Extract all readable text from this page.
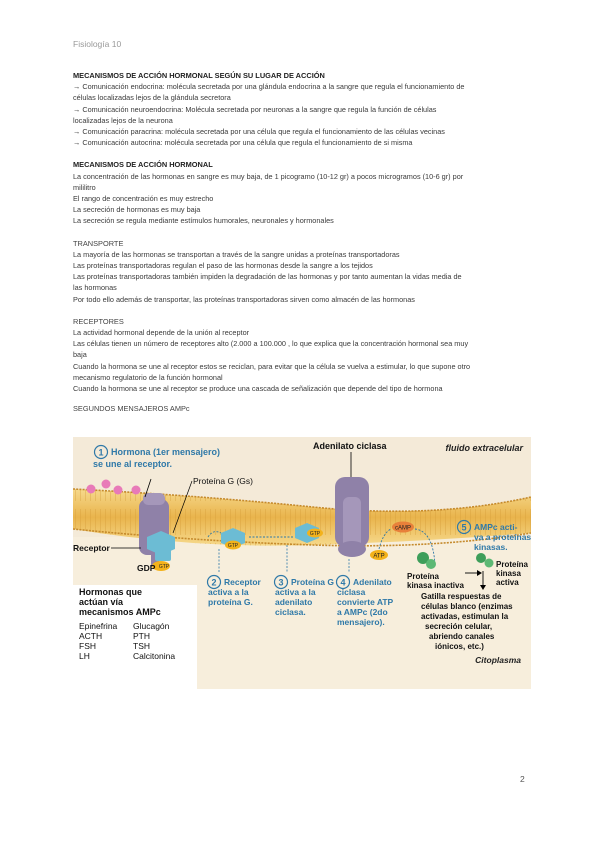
Fisiología 10

MECANISMOS DE ACCIÓN HORMONAL SEGÚN SU LUGAR DE ACCIÓN

→ Comunicación endocrina: molécula secretada por una glándula endocrina a la sangre que regula el funcionamiento de

células localizadas lejos de la glándula secretora

→ Comunicación neuroendocrina: Molécula secretada por neuronas a la sangre que regula la función de células

localizadas lejos de la neurona

→ Comunicación paracrina: molécula secretada por una célula que regula el funcionamiento de las células vecinas

→ Comunicación autocrina: molécula secretada por una célula que regula el funcionamiento de si misma

MECANISMOS DE ACCIÓN HORMONAL

La concentración de las hormonas en sangre es muy baja, de 1 picogramo (10-12 gr) a pocos microgramos (10-6 gr) por

mililitro

El rango de concentración es muy estrecho

La secreción de hormonas es muy baja

La secreción se regula mediante estímulos humorales, neuronales y hormonales

TRANSPORTE

La mayoría de las hormonas se transportan a través de la sangre unidas a proteínas transportadoras

Las proteínas transportadoras regulan el paso de las hormonas desde la sangre a los tejidos

Las proteínas transportadoras también impiden la degradación de las hormonas y por tanto aumentan la vidas media de

las hormonas

Por todo ello además de transportar, las proteínas transportadoras sirven como almacén de las hormonas

RECEPTORES

La actividad hormonal depende de la unión al receptor

Las células tienen un número de receptores alto (2.000 a 100.000 , lo que explica que la concentración hormonal sea muy

baja

Cuando la hormona se une al receptor estos se reciclan, para evitar que la célula se vuelva a estimular, lo que supone otro

mecanismo regulatorio de la función hormonal

Cuando la hormona se une al receptor se produce una cascada de señalización que depende del tipo de hormona

SEGUNDOS MENSAJEROS AMPc

1 Hormona (1er mensajero)
se une al receptor.
Proteína G (Gs)
GTP
GDP
Receptor	GTP
GTP
Adenilato ciclasa
ATP
cAMP
fluido extracelular
5 AMPc acti-
va a proteínas
kinasas.
Proteína
kinasa inactiva
Proteína
kinasa
activa
Gatilla respuestas de
células blanco (enzimas
activadas, estimulan la
secreción celular,
abriendo canales
iónicos, etc.)
Citoplasma
2 Receptor
activa a la
proteína G.
3 Proteína G
activa a la
adenilato
ciclasa.
4 Adenilato
ciclasa
convierte ATP
a AMPc (2do
mensajero).
Hormonas que
actúan vía
mecanismos AMPc
Epinefrina
ACTH
FSH
LH
Glucagón
PTH
TSH
Calcitonina
2
